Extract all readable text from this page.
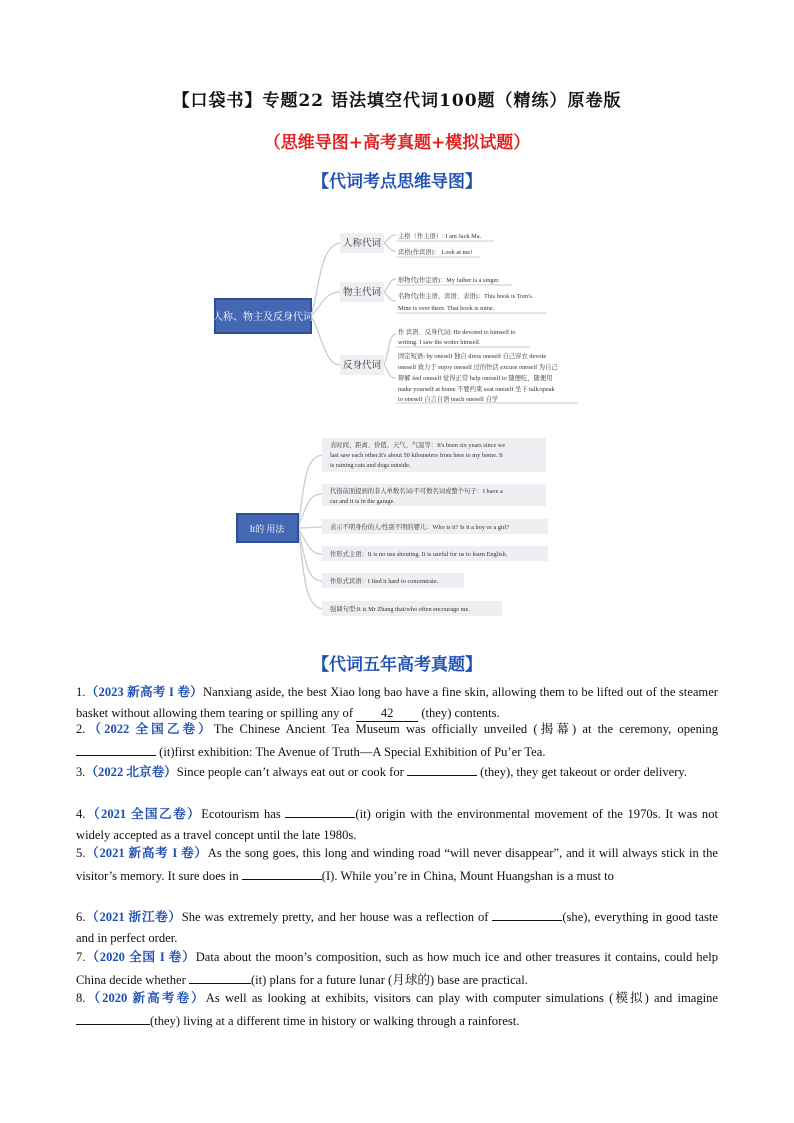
【口袋书】专题22 语法填空代词100题（精练）原卷版
（思维导图+高考真题+模拟试题）
【代词考点思维导图】
人称、物主及反身代词
人称代词
物主代词
反身代词
主格（作主语）: I am Jack Ma.
宾格(作宾语)： Look at me!
形物代(作定语)：My father is a singer.
名物代(作主语、宾语、表语)：This book is Tom's.
Mine is over there. That book is mine.
作 宾语、反身代词: He devoted to himself to
writing. I saw the writer himself.
固定短语: by oneself 独自 dress oneself 自己穿衣 devote
oneself 致力于 enjoy oneself 过的快活 excuse oneself 为自己
辩解 feel oneself 觉得正常 help oneself to 随便吃，随便用
make yourself at home 不要约束 seat oneself 坐下 talk/speak
to oneself 自言自语 teach oneself 自学
It的 用法
表时间、距离、价值、天气、气温等：It's been six years since we
last saw each other.It's about 50 kilometers from here to my home. It
is raining cats and dogs outside.
代指前面提到的非人单数名词/不可数名词或整个句子：I have a
car and it is in the garage.
表示不明身份的人/性别不明的婴儿：Who is it? Is it a boy or a girl?
作形式主语：It is no use shouting. It is useful for us to learn English.
作形式宾语：I find it hard to concentrate.
强调句型:It is Mr Zhang that/who often encourage me.
【代词五年高考真题】
1.（2023 新高考 I 卷）Nanxiang aside, the best Xiao long bao have a fine skin, allowing them to be lifted out of the steamer basket without allowing them tearing or spilling any of 42 (they) contents.
2.（2022 全国乙卷）The Chinese Ancient Tea Museum was officially unveiled (揭幕) at the ceremony, opening  (it)first exhibition: The Avenue of Truth—A Special Exhibition of Pu’er Tea.
3.（2022 北京卷）Since people can’t always eat out or cook for	(they), they get takeout or order delivery.
4.（2021 全国乙卷）Ecotourism has	(it) origin with the environmental movement of the 1970s. It was not widely accepted as a travel concept until the late 1980s.
5.（2021 新高考 I 卷）As the song goes, this long and winding road “will never disappear”, and it will always stick in the visitor’s memory. It sure does in	(I). While you’re in China, Mount Huangshan is a must to
6.（2021 浙江卷）She was extremely pretty, and her house was a reflection of	(she), everything in good taste and in perfect order.
7.（2020 全国 I 卷）Data about the moon’s composition, such as how much ice and other treasures it contains, could help China decide whether	(it) plans for a future lunar (月球的) base are practical.
8.（2020 新高考卷）As well as looking at exhibits, visitors can play with computer simulations (模拟) and imagine (they) living at a different time in history or walking through a rainforest.
